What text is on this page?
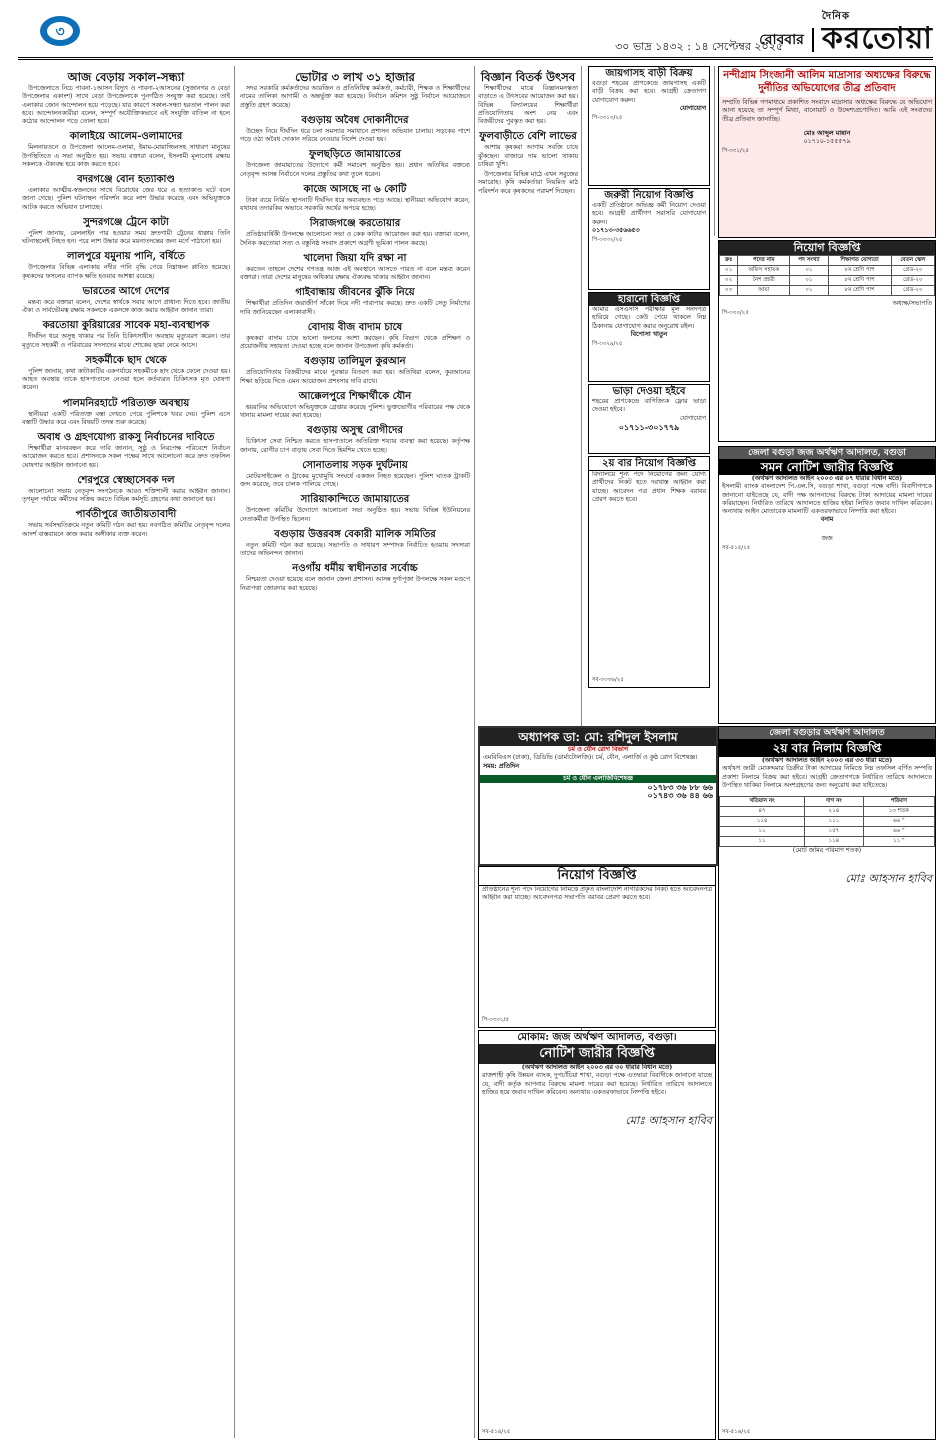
৩
৩০ ভাদ্র ১৪৩২ : ১৪ সেপ্টেম্বর ২০২৫
রোববার
দৈনিক
করতোয়া
আজ বেড়ায় সকাল-সন্ধ্যা

উপজেলাতে নিচে পাবনা-১আসন বিদ্যুৎ ও পাবনা-২আসনের (সুজানগর ও বেড়া উপজেলার একাংশ) সাথে বেড়া উপজেলাকে পুনর্গঠিত সংযুক্ত করা হয়েছে। তাই এলাকার জোন আন্দোলন হয়ে পড়েছে। যার কারণে সকাল-সন্ধ্যা হরতাল পালন করা হবে। আন্দোলনকারীরা বলেন, সম্পূর্ণ অযৌক্তিকভাবে এই সংযুক্তি বাতিল না হলে কঠোর আন্দোলন গড়ে তোলা হবে।

কালাইয়ে আলেম-ওলামাদের

মিলনায়তনে ও উপজেলা আলেম-ওলামা, ইমাম-মোয়াজ্জিনসহ সাধারণ মানুষের উপস্থিতিতে এ সভা অনুষ্ঠিত হয়। সভায় বক্তারা বলেন, ইসলামী মূল্যবোধ রক্ষায় সকলকে ঐক্যবদ্ধ হয়ে কাজ করতে হবে।

বদরগঞ্জে বোন হত্যাকাণ্ড

এলাকার আত্মীয়-স্বজনদের সাথে বিরোধের জের ধরে এ হত্যাকাণ্ড ঘটে বলে জানা গেছে। পুলিশ ঘটনাস্থল পরিদর্শন করে লাশ উদ্ধার করেছে এবং অভিযুক্তকে আটক করতে অভিযান চালাচ্ছে।

সুন্দরগঞ্জে ট্রেনে কাটা

পুলিশ জানায়, রেললাইন পার হওয়ার সময় দ্রুতগামী ট্রেনের ধাক্কায় তিনি ঘটনাস্থলেই নিহত হন। পরে লাশ উদ্ধার করে ময়নাতদন্তের জন্য মর্গে পাঠানো হয়।

লালপুরে যমুনায় পানি, বর্ষিতে

উপজেলার বিভিন্ন এলাকায় নদীর পানি বৃদ্ধি পেয়ে নিম্নাঞ্চল প্লাবিত হয়েছে। কৃষকদের ফসলের ব্যাপক ক্ষতি হওয়ার আশঙ্কা রয়েছে।

ভারতের আগে দেশের

মন্তব্য করে বক্তারা বলেন, দেশের স্বার্থকে সবার আগে প্রাধান্য দিতে হবে। জাতীয় ঐক্য ও সার্বভৌমত্ব রক্ষায় সকলকে একসঙ্গে কাজ করার আহ্বান জানান তারা।

করতোয়া কুরিয়ারের সাবেক মহা-ব্যবস্থাপক

দীর্ঘদিন ধরে অসুস্থ থাকার পর তিনি চিকিৎসাধীন অবস্থায় মৃত্যুবরণ করেন। তার মৃত্যুতে সহকর্মী ও পরিবারের সদস্যদের মাঝে শোকের ছায়া নেমে আসে।

সহকর্মীকে ছাদ থেকে

পুলিশ জানায়, কথা কাটাকাটির একপর্যায়ে সহকর্মীকে ছাদ থেকে ফেলে দেওয়া হয়। আহত অবস্থায় তাকে হাসপাতালে নেওয়া হলে কর্তব্যরত চিকিৎসক মৃত ঘোষণা করেন।

পালমনিরহাটে পরিত্যক্ত অবস্থায়

স্থানীয়রা একটি পরিত্যক্ত বস্তা দেখতে পেয়ে পুলিশকে খবর দেয়। পুলিশ এসে বস্তাটি উদ্ধার করে এবং বিষয়টি তদন্ত শুরু করেছে।

অবাধ ও গ্রহণযোগ্য রাকসু নির্বাচনের দাবিতে

শিক্ষার্থীরা মানববন্ধন করে দাবি জানান, সুষ্ঠু ও নিরপেক্ষ পরিবেশে নির্বাচন আয়োজন করতে হবে। প্রশাসনকে সকল পক্ষের সাথে আলোচনা করে দ্রুত তফসিল ঘোষণার আহ্বান জানানো হয়।

শেরপুরে স্বেচ্ছাসেবক দল

আলোচনা সভায় নেতৃবৃন্দ সংগঠনকে আরও শক্তিশালী করার আহ্বান জানান। তৃণমূল পর্যায়ে কর্মীদের সক্রিয় করতে বিভিন্ন কর্মসূচি গ্রহণের কথা জানানো হয়।

পার্বতীপুরে জাতীয়তাবাদী

সভায় সর্বসম্মতিক্রমে নতুন কমিটি গঠন করা হয়। নবগঠিত কমিটির নেতৃবৃন্দ দলের আদর্শ বাস্তবায়নে কাজ করার অঙ্গীকার ব্যক্ত করেন।

ভোটার ৩ লাখ ৩১ হাজার

সদর সরকারি কর্মকর্তাদের আরজিন ও প্রতিনিধিত্ব কর্মকর্তা, কর্মচারী, শিক্ষক ও শিক্ষার্থীদের নামের তালিকা আগামী ও অন্তর্ভুক্ত করা হয়েছে। নির্বাচন কমিশন সুষ্ঠু নির্বাচন আয়োজনে প্রস্তুতি গ্রহণ করেছে।

বগুড়ায় অবৈধ দোকানীদের

উচ্ছেদ নিয়ে দীর্ঘদিন ধরে চলা সমস্যার সমাধানে প্রশাসন অভিযান চালায়। সড়কের পাশে গড়ে ওঠা অবৈধ দোকান সরিয়ে নেওয়ার নির্দেশ দেওয়া হয়।

ফুলছড়িতে জামায়াতের

উপজেলা জামায়াতের উদ্যোগে কর্মী সমাবেশ অনুষ্ঠিত হয়। প্রধান অতিথির বক্তব্যে নেতৃবৃন্দ আসন্ন নির্বাচনে দলের প্রস্তুতির কথা তুলে ধরেন।

কাজে আসছে না ৬ কোটি

টাকা ব্যয়ে নির্মিত স্থাপনাটি দীর্ঘদিন ধরে অব্যবহৃত পড়ে আছে। স্থানীয়রা অভিযোগ করেন, যথাযথ তদারকির অভাবে সরকারি অর্থের অপচয় হচ্ছে।

সিরাজগঞ্জে করতোয়ার

প্রতিষ্ঠাবার্ষিকী উপলক্ষে আলোচনা সভা ও কেক কাটার আয়োজন করা হয়। বক্তারা বলেন, দৈনিক করতোয়া সত্য ও বস্তুনিষ্ঠ সংবাদ প্রকাশে অগ্রণী ভূমিকা পালন করছে।

খালেদা জিয়া যদি রক্ষা না

করতেন তাহলে দেশের গণতন্ত্র আজ এই অবস্থানে আসতে পারত না বলে মন্তব্য করেন বক্তারা। তারা দেশের মানুষের অধিকার রক্ষায় ঐক্যবদ্ধ থাকার আহ্বান জানান।

গাইবান্ধায় জীবনের ঝুঁকি নিয়ে

শিক্ষার্থীরা প্রতিদিন জরাজীর্ণ সাঁকো দিয়ে নদী পারাপার করছে। দ্রুত একটি সেতু নির্মাণের দাবি জানিয়েছেন এলাকাবাসী।

বোদায় বীজ বাদাম চাষে

কৃষকরা বাদাম চাষে ভালো ফলনের আশা করছেন। কৃষি বিভাগ থেকে প্রশিক্ষণ ও প্রয়োজনীয় সহায়তা দেওয়া হচ্ছে বলে জানান উপজেলা কৃষি কর্মকর্তা।

বগুড়ায় তালিমুল কুরআন

প্রতিযোগিতায় বিজয়ীদের মাঝে পুরস্কার বিতরণ করা হয়। অতিথিরা বলেন, কুরআনের শিক্ষা ছড়িয়ে দিতে এমন আয়োজন প্রশংসার দাবি রাখে।

আক্কেলপুরে শিক্ষার্থীকে যৌন

হয়রানির অভিযোগে অভিযুক্তকে গ্রেপ্তার করেছে পুলিশ। ভুক্তভোগীর পরিবারের পক্ষ থেকে থানায় মামলা দায়ের করা হয়েছে।

বগুড়ায় অসুস্থ রোগীদের

চিকিৎসা সেবা নিশ্চিত করতে হাসপাতালে অতিরিক্ত শয্যার ব্যবস্থা করা হয়েছে। কর্তৃপক্ষ জানায়, রোগীর চাপ বাড়ায় সেবা দিতে হিমশিম খেতে হচ্ছে।

সোনাতলায় সড়ক দুর্ঘটনায়

মোটরসাইকেল ও ট্রাকের মুখোমুখি সংঘর্ষে একজন নিহত হয়েছেন। পুলিশ ঘাতক ট্রাকটি জব্দ করেছে, তবে চালক পালিয়ে গেছে।

সারিয়াকান্দিতে জামায়াতের

উপজেলা কমিটির উদ্যোগে আলোচনা সভা অনুষ্ঠিত হয়। সভায় বিভিন্ন ইউনিয়নের নেতাকর্মীরা উপস্থিত ছিলেন।

বগুড়ায় উত্তরবঙ্গ বেকারী মালিক সমিতির

নতুন কমিটি গঠন করা হয়েছে। সভাপতি ও সাধারণ সম্পাদক নির্বাচিত হওয়ায় সদস্যরা তাদের অভিনন্দন জানান।

নওগাঁয় ধর্মীয় স্বাধীনতার সর্বোচ্চ

নিশ্চয়তা দেওয়া হয়েছে বলে জানান জেলা প্রশাসন। আসন্ন দুর্গাপূজা উপলক্ষে সকল মণ্ডপে নিরাপত্তা জোরদার করা হয়েছে।

বিজ্ঞান বিতর্ক উৎসব

শিক্ষার্থীদের মাঝে বিজ্ঞানমনস্কতা বাড়াতে এ উৎসবের আয়োজন করা হয়। বিভিন্ন বিদ্যালয়ের শিক্ষার্থীরা প্রতিযোগিতায় অংশ নেয় এবং বিজয়ীদের পুরস্কৃত করা হয়।

ফুলবাড়ীতে বেশি লাভের

আশায় কৃষকরা আগাম সবজি চাষে ঝুঁকছেন। বাজারে দাম ভালো থাকায় চাষিরা খুশি।

উপজেলার বিভিন্ন মাঠে এখন সবুজের সমারোহ। কৃষি কর্মকর্তারা নিয়মিত মাঠ পরিদর্শন করে কৃষকদের পরামর্শ দিচ্ছেন।

জায়গাসহ বাড়ী বিক্রয়

বগুড়া শহরের প্রাণকেন্দ্রে জায়গাসহ একটি বাড়ী বিক্রয় করা হবে। আগ্রহী ক্রেতাগণ যোগাযোগ করুন।

যোগাযোগ

পি-৩৩১৩/২৫
জরুরী নিয়োগ বিজ্ঞপ্তি

একটি প্রতিষ্ঠানে অভিজ্ঞ কর্মী নিয়োগ দেওয়া হবে। আগ্রহী প্রার্থীগণ সরাসরি যোগাযোগ করুন।

০১৭১৩-৩৫৬৬৫৩

পি-৩৩৩২/২৫
হারানো বিজ্ঞপ্তি

আমার এসএসসি পরীক্ষার মূল সনদপত্র হারিয়ে গেছে। কেউ পেয়ে থাকলে নিম্ন ঠিকানায় যোগাযোগ করার অনুরোধ রইল।

বিপোসা খাতুন

পি-৩৩২৯/২৫
ভাড়া দেওয়া হইবে

শহরের প্রাণকেন্দ্রে বাণিজ্যিক ফ্লোর ভাড়া দেওয়া হইবে।

যোগাযোগ

০১৭১১-৩০১৭৭৯

২য় বার নিয়োগ বিজ্ঞপ্তি

বিদ্যালয়ে শূন্য পদে নিয়োগের জন্য যোগ্য প্রার্থীদের নিকট হতে দরখাস্ত আহ্বান করা যাচ্ছে। আবেদন পত্র প্রধান শিক্ষক বরাবর প্রেরণ করতে হবে।

সব-৩৩৩৬/২৫
নন্দীগ্রাম সিংজানী আলিম মাদ্রাসার অধ্যক্ষের বিরুদ্ধে দুর্নীতির অভিযোগের তীব্র প্রতিবাদ

সম্প্রতি বিভিন্ন গণমাধ্যমে প্রকাশিত সংবাদে মাদ্রাসার অধ্যক্ষের বিরুদ্ধে যে অভিযোগ আনা হয়েছে তা সম্পূর্ণ মিথ্যা, বানোয়াট ও উদ্দেশ্যপ্রণোদিত। আমি এই সংবাদের তীব্র প্রতিবাদ জানাচ্ছি।

মোঃ আব্দুল মান্নান

০১৭১০-১৫৫৫৭৯

পি-৩৩১/২৫
নিয়োগ বিজ্ঞপ্তি
ক্রঃ	পদের নাম	পদ সংখ্যা	শিক্ষাগত যোগ্যতা	বেতন স্কেল
০১	অফিস সহায়ক	০১	৮ম শ্রেণি পাশ	গ্রেড-২০
০২	নৈশ প্রহরী	০১	৮ম শ্রেণি পাশ	গ্রেড-২০
০৩	আয়া	০১	৮ম শ্রেণি পাশ	গ্রেড-২০

অধ্যক্ষ/সভাপতি

পি-৩৩০/২৫
জেলা বগুড়া জজ অর্থঋণ আদালত, বগুড়া
সমন নোটিশ জারীর বিজ্ঞপ্তি

(অর্থঋণ আদালত আইন ২০০৩ এর ০৭ ধারার বিধান মতে)

ইসলামী ব্যাংক বাংলাদেশ পি.এল.সি, বগুড়া শাখা, বগুড়া পক্ষে বাদী। বিবাদীগণকে জানানো যাইতেছে যে, বাদী পক্ষ আপনাদের বিরুদ্ধে টাকা আদায়ের মামলা দায়ের করিয়াছেন। নির্ধারিত তারিখে আদালতে হাজির হইয়া লিখিত জবাব দাখিল করিবেন। অন্যথায় আইন মোতাবেক মামলাটি একতরফাভাবে নিষ্পত্তি করা হইবে।

বনাম

জজ

সব-৫১৫/২৫
অধ্যাপক ডা: মো: রশিদুল ইসলাম

চর্ম ও যৌন রোগ বিভাগ

এমবিবিএস (ঢাকা), ডিডিভি (ডার্মাটোলজি)। চর্ম, যৌন, এলার্জি ও কুষ্ঠ রোগ বিশেষজ্ঞ।

সময়: প্রতিদিন

চর্ম ও যৌন এলার্জিবিশেষজ্ঞ

০১৭৮৩ ৩৬ ৮৮ ৬৬

০১৭৪৩ ৩৬ ৪৪ ৬৬

নিয়োগ বিজ্ঞপ্তি

প্রতিষ্ঠানের শূন্য পদে নিয়োগের নিমিত্তে প্রকৃত বাংলাদেশি নাগরিকদের নিকট হতে আবেদনপত্র আহ্বান করা যাচ্ছে। আবেদনপত্র সভাপতি বরাবর প্রেরণ করতে হবে।

পি-৩৩৩১/৫
মোকাম: জজ অর্থঋণ আদালত, বগুড়া।
নোটিশ জারীর বিজ্ঞপ্তি

(অর্থঋণ আদালত আইন ২০০৩ এর ৩০ ধারার বিধান মতে)

রাজশাহী কৃষি উন্নয়ন ব্যাংক, দুপচাঁচিয়া শাখা, বগুড়া পক্ষে এতদ্বারা বিবাদীকে জানানো যাচ্ছে যে, বাদী কর্তৃক আপনার বিরুদ্ধে মামলা দায়ের করা হয়েছে। নির্ধারিত তারিখে আদালতে হাজির হয়ে জবাব দাখিল করিবেন। অন্যথায় একতরফাভাবে নিষ্পত্তি হইবে।

মোঃ আহসান হাবিব

সব-৫১৪/২৫
জেলা বগুড়ার অর্থঋণ আদালত
২য় বার নিলাম বিজ্ঞপ্তি

(অর্থঋণ আদালত আইন ২০০৩ এর ৩৩ ধারা মতে)

অর্থঋণ জারী মোকদ্দমার ডিক্রীর টাকা আদায়ের নিমিত্তে নিম্ন তফসিল বর্ণিত সম্পত্তি প্রকাশ্য নিলামে বিক্রয় করা হইবে। আগ্রহী ক্রেতাগণকে নির্ধারিত তারিখে আদালতে উপস্থিত থাকিয়া নিলামে অংশগ্রহণের জন্য অনুরোধ করা যাইতেছে।

খতিয়ান নং	দাগ নং	পরিমাণ
৪৭	২১৪	১৩ শতক
১১৪	১১১	৬৬ ”
১১	১৫৭	৬৬ ”
১১	১১৪	১১ ”

(মোট জমির পরিমাণ শতক)

মোঃ আহসান হাবিব

সব-৫১৬/২৫
